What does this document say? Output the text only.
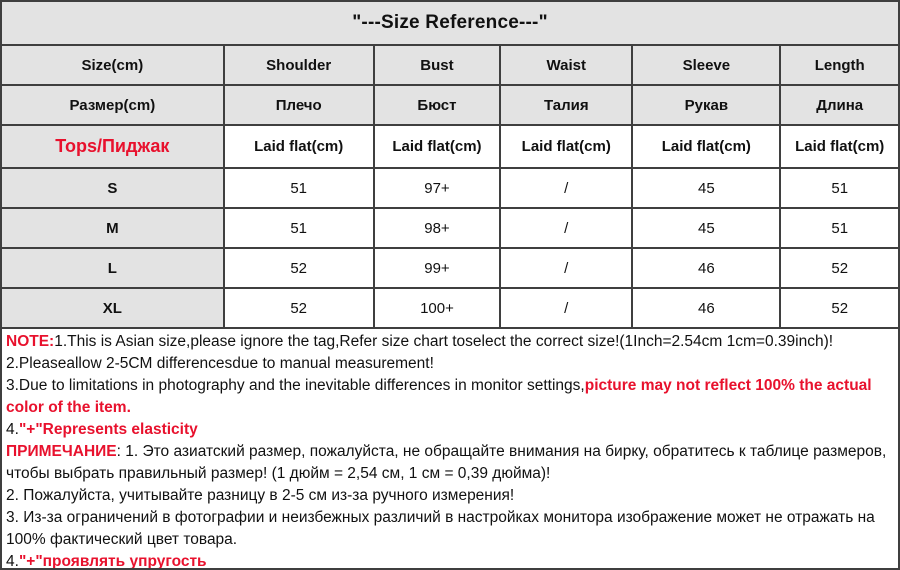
"---Size Reference---"					
Size(cm)	Shoulder	Bust	Waist	Sleeve	Length
Размер(cm)	Плечо	Бюст	Талия	Рукав	Длина
Tops/Пиджак	Laid flat(cm)	Laid flat(cm)	Laid flat(cm)	Laid flat(cm)	Laid flat(cm)
S	51	97+	/	45	51
M	51	98+	/	45	51
L	52	99+	/	46	52
XL	52	100+	/	46	52
NOTE:1.This is Asian size,please ignore the tag,Refer size chart toselect the correct size!(1Inch=2.54cm 1cm=0.39inch)!
2.Pleaseallow 2-5CM differencesdue to manual measurement!
3.Due to limitations in photography and the inevitable differences in monitor settings,picture may not reflect 100% the actual color of the item.
4."+"Represents elasticity
ПРИМЕЧАНИЕ: 1. Это азиатский размер, пожалуйста, не обращайте внимания на бирку, обратитесь к таблице размеров, чтобы выбрать правильный размер! (1 дюйм = 2,54 см, 1 см = 0,39 дюйма)!
2. Пожалуйста, учитывайте разницу в 2-5 см из-за ручного измерения!
3. Из-за ограничений в фотографии и неизбежных различий в настройках монитора изображение может не отражать на 100% фактический цвет товара.
4."+"проявлять упругость
